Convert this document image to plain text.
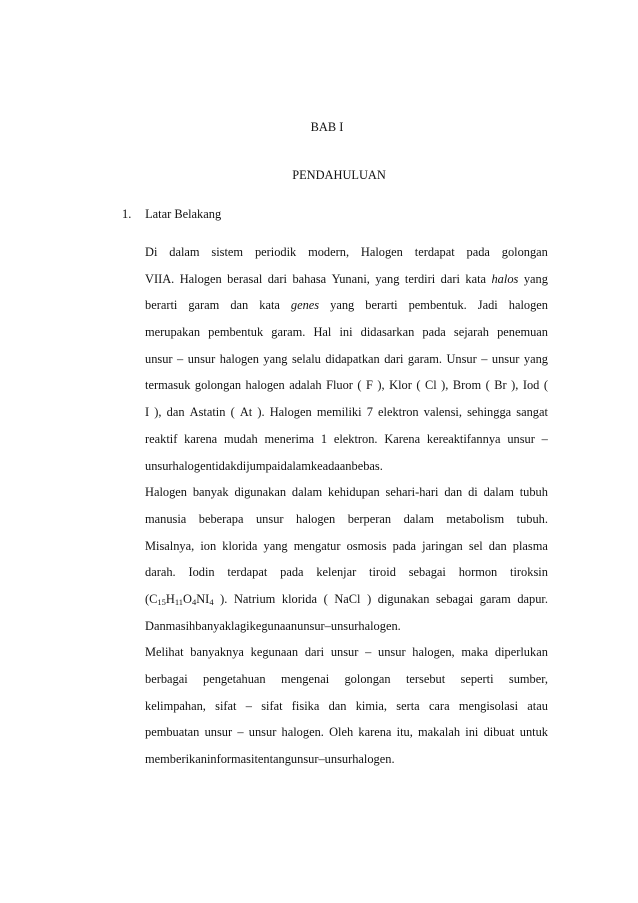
BAB I
PENDAHULUAN
1. Latar Belakang
Di dalam sistem periodik modern, Halogen terdapat pada golongan
VIIA. Halogen berasal dari bahasa Yunani, yang terdiri dari kata halos yang
berarti garam dan kata genes yang berarti pembentuk. Jadi halogen
merupakan pembentuk garam. Hal ini didasarkan pada sejarah penemuan
unsur – unsur halogen yang selalu didapatkan dari garam. Unsur – unsur yang
termasuk golongan halogen adalah Fluor ( F ), Klor ( Cl ), Brom ( Br ), Iod (
I ), dan Astatin ( At ). Halogen memiliki 7 elektron valensi, sehingga sangat
reaktif karena mudah menerima 1 elektron. Karena kereaktifannya unsur –
unsur halogen tidak dijumpai dalam keadaan bebas.
Halogen banyak digunakan dalam kehidupan sehari-hari dan di dalam tubuh
manusia beberapa unsur halogen berperan dalam metabolism tubuh.
Misalnya, ion klorida yang mengatur osmosis pada jaringan sel dan plasma
darah. Iodin terdapat pada kelenjar tiroid sebagai hormon tiroksin
($C_{15}H_{11}O_4NI_4$ ). Natrium klorida ( NaCl ) digunakan sebagai garam dapur.
Dan masih banyak lagi kegunaan unsur – unsur halogen.
Melihat banyaknya kegunaan dari unsur – unsur halogen, maka diperlukan
berbagai pengetahuan mengenai golongan tersebut seperti sumber,
kelimpahan, sifat – sifat fisika dan kimia, serta cara mengisolasi atau
pembuatan unsur – unsur halogen. Oleh karena itu, makalah ini dibuat untuk
memberikan informasi tentang unsur – unsur halogen.
